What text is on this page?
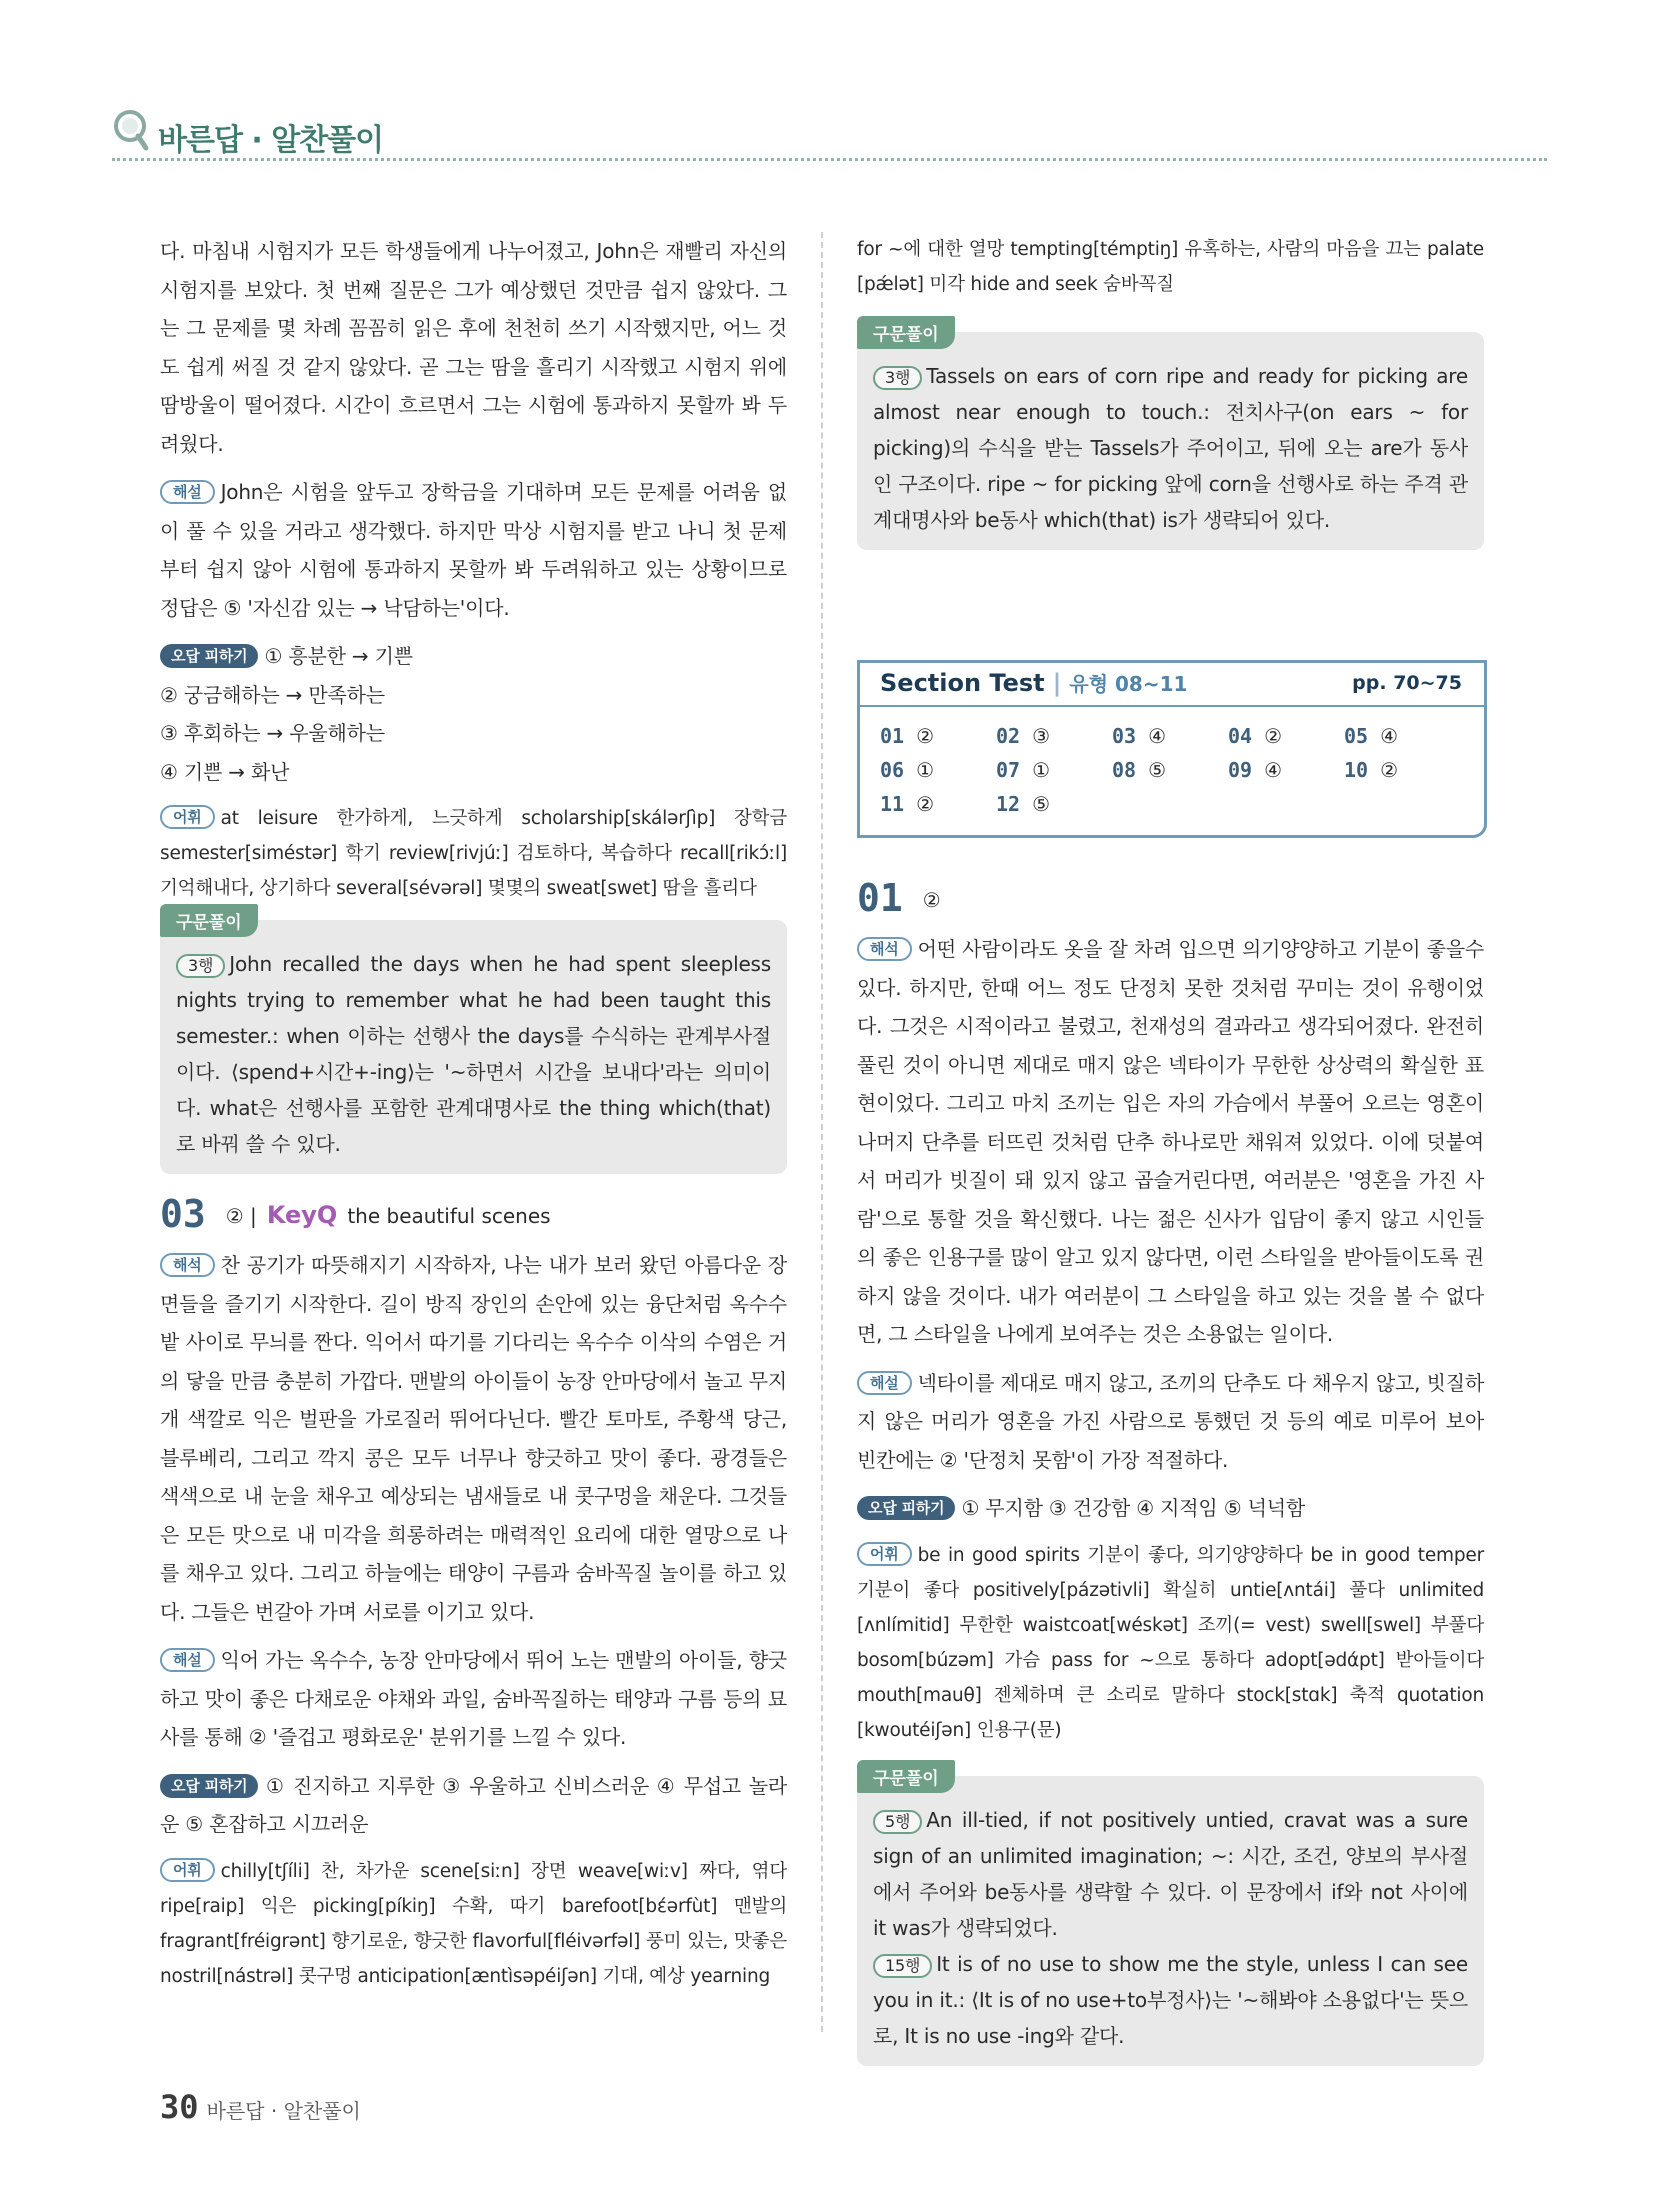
바른답 · 알찬풀이

다. 마침내 시험지가 모든 학생들에게 나누어졌고, John은 재빨리 자신의 시험지를 보았다. 첫 번째 질문은 그가 예상했던 것만큼 쉽지 않았다. 그는 그 문제를 몇 차례 꼼꼼히 읽은 후에 천천히 쓰기 시작했지만, 어느 것도 쉽게 써질 것 같지 않았다. 곧 그는 땀을 흘리기 시작했고 시험지 위에 땀방울이 떨어졌다. 시간이 흐르면서 그는 시험에 통과하지 못할까 봐 두려웠다.

해설 John은 시험을 앞두고 장학금을 기대하며 모든 문제를 어려움 없이 풀 수 있을 거라고 생각했다. 하지만 막상 시험지를 받고 나니 첫 문제부터 쉽지 않아 시험에 통과하지 못할까 봐 두려워하고 있는 상황이므로 정답은 ⑤ '자신감 있는 → 낙담하는'이다.

오답 피하기 ① 흥분한 → 기쁜
② 궁금해하는 → 만족하는
③ 후회하는 → 우울해하는
④ 기쁜 → 화난

어휘 at leisure 한가하게, 느긋하게 scholarship[skálərʃìp] 장학금 semester[siméstər] 학기 review[rivjúː] 검토하다, 복습하다 recall[rikɔ́ːl] 기억해내다, 상기하다 several[sévərəl] 몇몇의 sweat[swet] 땀을 흘리다

구문풀이

3행 John recalled the days when he had spent sleepless nights trying to remember what he had been taught this semester.: when 이하는 선행사 the days를 수식하는 관계부사절이다. ⟨spend+시간+-ing⟩는 '~하면서 시간을 보내다'라는 의미이다. what은 선행사를 포함한 관계대명사로 the thing which(that)로 바꿔 쓸 수 있다.

03 ② | KeyQ the beautiful scenes

해석 찬 공기가 따뜻해지기 시작하자, 나는 내가 보러 왔던 아름다운 장면들을 즐기기 시작한다. 길이 방직 장인의 손안에 있는 융단처럼 옥수수밭 사이로 무늬를 짠다. 익어서 따기를 기다리는 옥수수 이삭의 수염은 거의 닿을 만큼 충분히 가깝다. 맨발의 아이들이 농장 안마당에서 놀고 무지개 색깔로 익은 벌판을 가로질러 뛰어다닌다. 빨간 토마토, 주황색 당근, 블루베리, 그리고 깍지 콩은 모두 너무나 향긋하고 맛이 좋다. 광경들은 색색으로 내 눈을 채우고 예상되는 냄새들로 내 콧구멍을 채운다. 그것들은 모든 맛으로 내 미각을 희롱하려는 매력적인 요리에 대한 열망으로 나를 채우고 있다. 그리고 하늘에는 태양이 구름과 숨바꼭질 놀이를 하고 있다. 그들은 번갈아 가며 서로를 이기고 있다.

해설 익어 가는 옥수수, 농장 안마당에서 뛰어 노는 맨발의 아이들, 향긋하고 맛이 좋은 다채로운 야채와 과일, 숨바꼭질하는 태양과 구름 등의 묘사를 통해 ② '즐겁고 평화로운' 분위기를 느낄 수 있다.

오답 피하기 ① 진지하고 지루한 ③ 우울하고 신비스러운 ④ 무섭고 놀라운 ⑤ 혼잡하고 시끄러운

어휘 chilly[tʃíli] 찬, 차가운 scene[siːn] 장면 weave[wiːv] 짜다, 엮다 ripe[raip] 익은 picking[píkiŋ] 수확, 따기 barefoot[bέərfùt] 맨발의 fragrant[fréigrənt] 향기로운, 향긋한 flavorful[fléivərfəl] 풍미 있는, 맛좋은 nostril[nástrəl] 콧구멍 anticipation[æntìsəpéiʃən] 기대, 예상 yearning

for ~에 대한 열망 tempting[témptiŋ] 유혹하는, 사람의 마음을 끄는 palate [pǽlət] 미각 hide and seek 숨바꼭질

구문풀이

3행 Tassels on ears of corn ripe and ready for picking are almost near enough to touch.: 전치사구(on ears ~ for picking)의 수식을 받는 Tassels가 주어이고, 뒤에 오는 are가 동사인 구조이다. ripe ~ for picking 앞에 corn을 선행사로 하는 주격 관계대명사와 be동사 which(that) is가 생략되어 있다.

Section Test | 유형 08~11	pp. 70~75
01 ②	02 ③	03 ④	04 ②	05 ④
06 ①	07 ①	08 ⑤	09 ④	10 ②
11 ②	12 ⑤
01 ②

해석 어떤 사람이라도 옷을 잘 차려 입으면 의기양양하고 기분이 좋을수 있다. 하지만, 한때 어느 정도 단정치 못한 것처럼 꾸미는 것이 유행이었다. 그것은 시적이라고 불렸고, 천재성의 결과라고 생각되어졌다. 완전히 풀린 것이 아니면 제대로 매지 않은 넥타이가 무한한 상상력의 확실한 표현이었다. 그리고 마치 조끼는 입은 자의 가슴에서 부풀어 오르는 영혼이 나머지 단추를 터뜨린 것처럼 단추 하나로만 채워져 있었다. 이에 덧붙여서 머리가 빗질이 돼 있지 않고 곱슬거린다면, 여러분은 '영혼을 가진 사람'으로 통할 것을 확신했다. 나는 젊은 신사가 입담이 좋지 않고 시인들의 좋은 인용구를 많이 알고 있지 않다면, 이런 스타일을 받아들이도록 권하지 않을 것이다. 내가 여러분이 그 스타일을 하고 있는 것을 볼 수 없다면, 그 스타일을 나에게 보여주는 것은 소용없는 일이다.

해설 넥타이를 제대로 매지 않고, 조끼의 단추도 다 채우지 않고, 빗질하지 않은 머리가 영혼을 가진 사람으로 통했던 것 등의 예로 미루어 보아 빈칸에는 ② '단정치 못함'이 가장 적절하다.

오답 피하기 ① 무지함 ③ 건강함 ④ 지적임 ⑤ 넉넉함

어휘 be in good spirits 기분이 좋다, 의기양양하다 be in good temper 기분이 좋다 positively[pázətivli] 확실히 untie[ʌntái] 풀다 unlimited [ʌnlímitid] 무한한 waistcoat[wéskət] 조끼(= vest) swell[swel] 부풀다 bosom[búzəm] 가슴 pass for ~으로 통하다 adopt[ədάpt] 받아들이다 mouth[mauθ] 젠체하며 큰 소리로 말하다 stock[stɑk] 축적 quotation [kwoutéiʃən] 인용구(문)

구문풀이

5행 An ill-tied, if not positively untied, cravat was a sure sign of an unlimited imagination; ~: 시간, 조건, 양보의 부사절에서 주어와 be동사를 생략할 수 있다. 이 문장에서 if와 not 사이에 it was가 생략되었다.

15행 It is of no use to show me the style, unless I can see you in it.: ⟨It is of no use+to부정사⟩는 '~해봐야 소용없다'는 뜻으로, It is no use -ing와 같다.

30 바른답 · 알찬풀이
